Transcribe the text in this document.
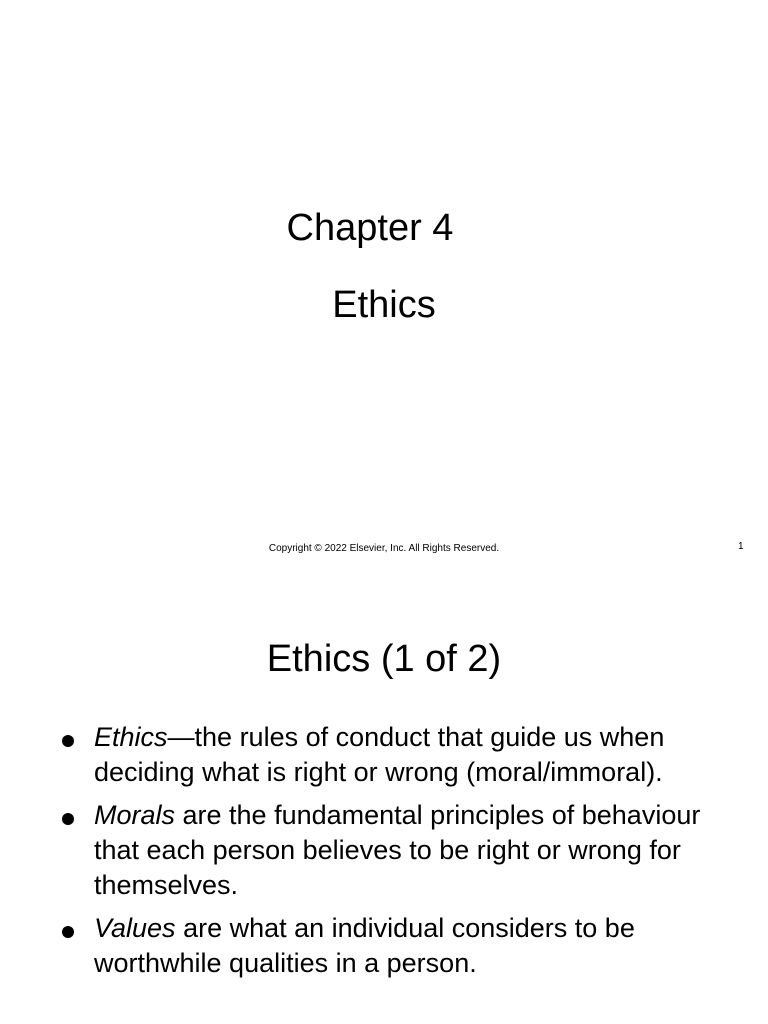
Chapter 4
Ethics
Copyright © 2022 Elsevier, Inc. All Rights Reserved.	1
Ethics (1 of 2)
Ethics—the rules of conduct that guide us when deciding what is right or wrong (moral/immoral).
Morals are the fundamental principles of behaviour that each person believes to be right or wrong for themselves.
Values are what an individual considers to be worthwhile qualities in a person.
